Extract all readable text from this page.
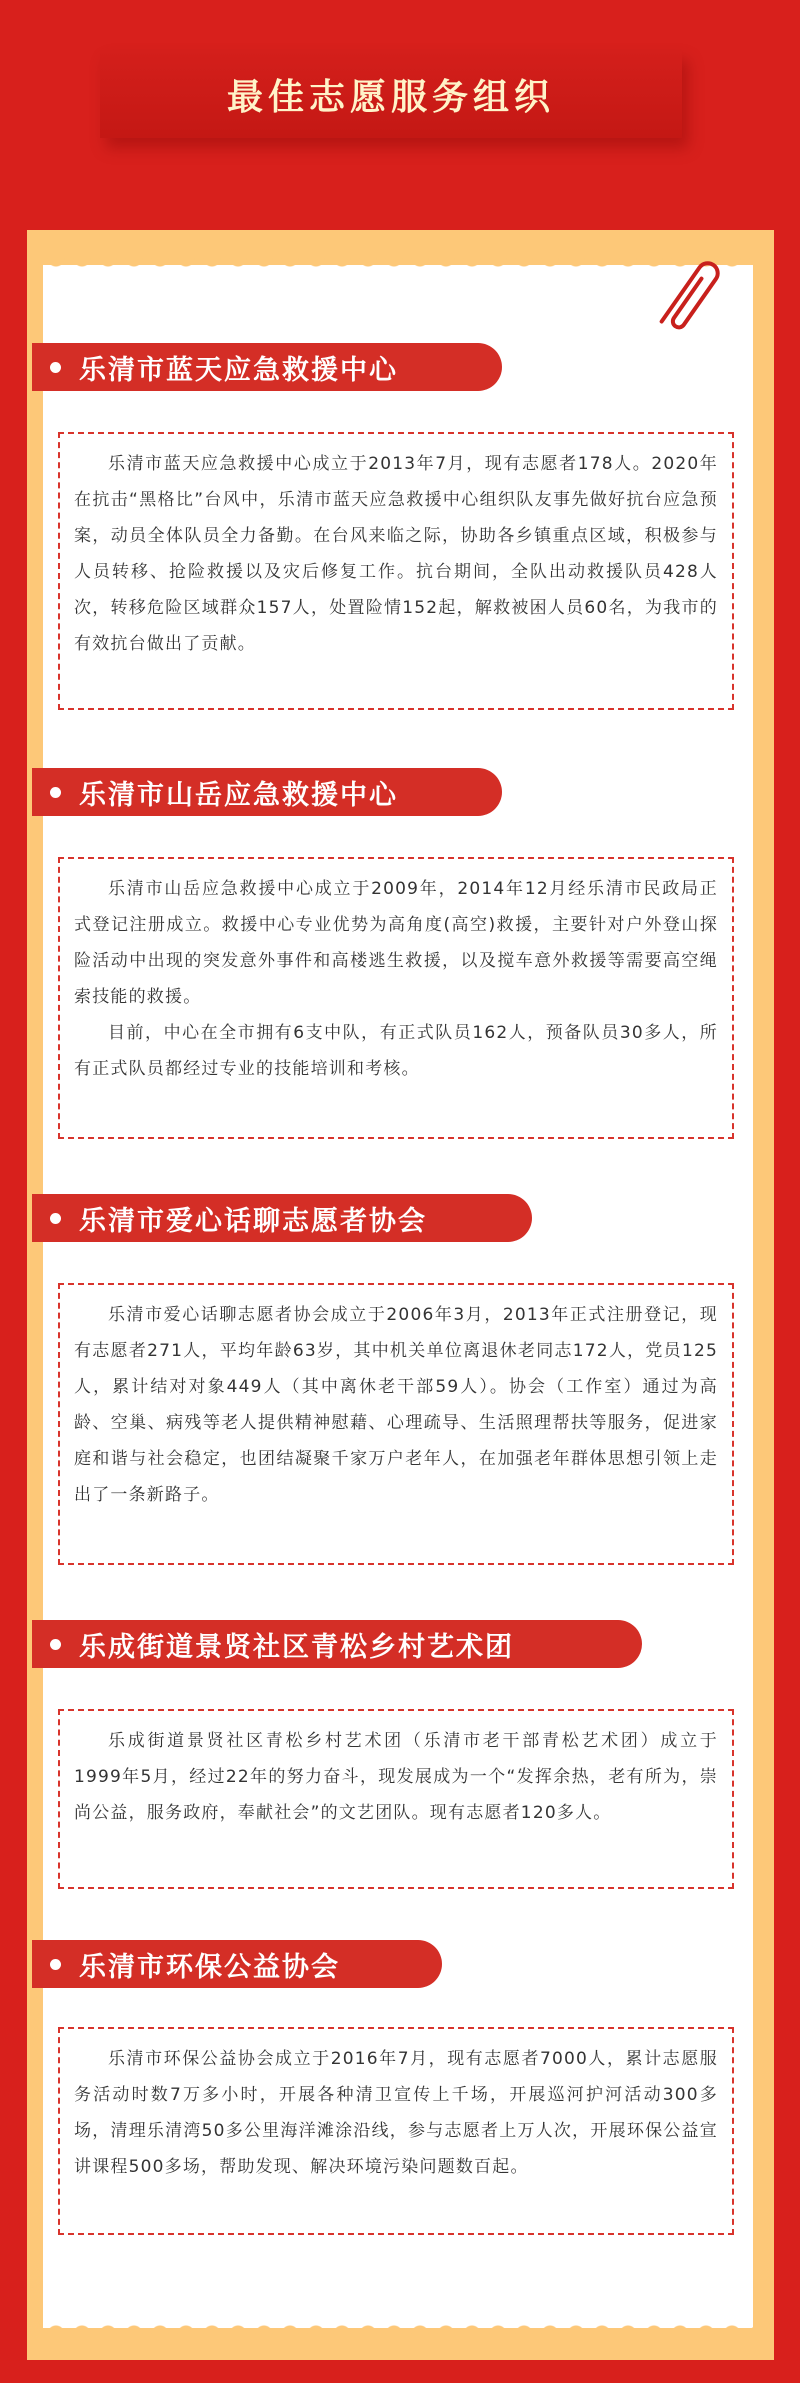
最佳志愿服务组织
乐清市蓝天应急救援中心

乐清市蓝天应急救援中心成立于2013年7月，现有志愿者178人。2020年在抗击“黑格比”台风中，乐清市蓝天应急救援中心组织队友事先做好抗台应急预案，动员全体队员全力备勤。在台风来临之际，协助各乡镇重点区域，积极参与人员转移、抢险救援以及灾后修复工作。抗台期间，全队出动救援队员428人次，转移危险区域群众157人，处置险情152起，解救被困人员60名，为我市的有效抗台做出了贡献。

乐清市山岳应急救援中心

乐清市山岳应急救援中心成立于2009年，2014年12月经乐清市民政局正式登记注册成立。救援中心专业优势为高角度(高空)救援，主要针对户外登山探险活动中出现的突发意外事件和高楼逃生救援，以及搅车意外救援等需要高空绳索技能的救援。

目前，中心在全市拥有6支中队，有正式队员162人，预备队员30多人，所有正式队员都经过专业的技能培训和考核。

乐清市爱心话聊志愿者协会

乐清市爱心话聊志愿者协会成立于2006年3月，2013年正式注册登记，现有志愿者271人，平均年龄63岁，其中机关单位离退休老同志172人，党员125人，累计结对对象449人（其中离休老干部59人）。协会（工作室）通过为高龄、空巢、病残等老人提供精神慰藉、心理疏导、生活照理帮扶等服务，促进家庭和谐与社会稳定，也团结凝聚千家万户老年人，在加强老年群体思想引领上走出了一条新路子。

乐成街道景贤社区青松乡村艺术团

乐成街道景贤社区青松乡村艺术团（乐清市老干部青松艺术团）成立于1999年5月，经过22年的努力奋斗，现发展成为一个“发挥余热，老有所为，崇尚公益，服务政府，奉献社会”的文艺团队。现有志愿者120多人。

乐清市环保公益协会

乐清市环保公益协会成立于2016年7月，现有志愿者7000人，累计志愿服务活动时数7万多小时，开展各种清卫宣传上千场，开展巡河护河活动300多场，清理乐清湾50多公里海洋滩涂沿线，参与志愿者上万人次，开展环保公益宣讲课程500多场，帮助发现、解决环境污染问题数百起。
